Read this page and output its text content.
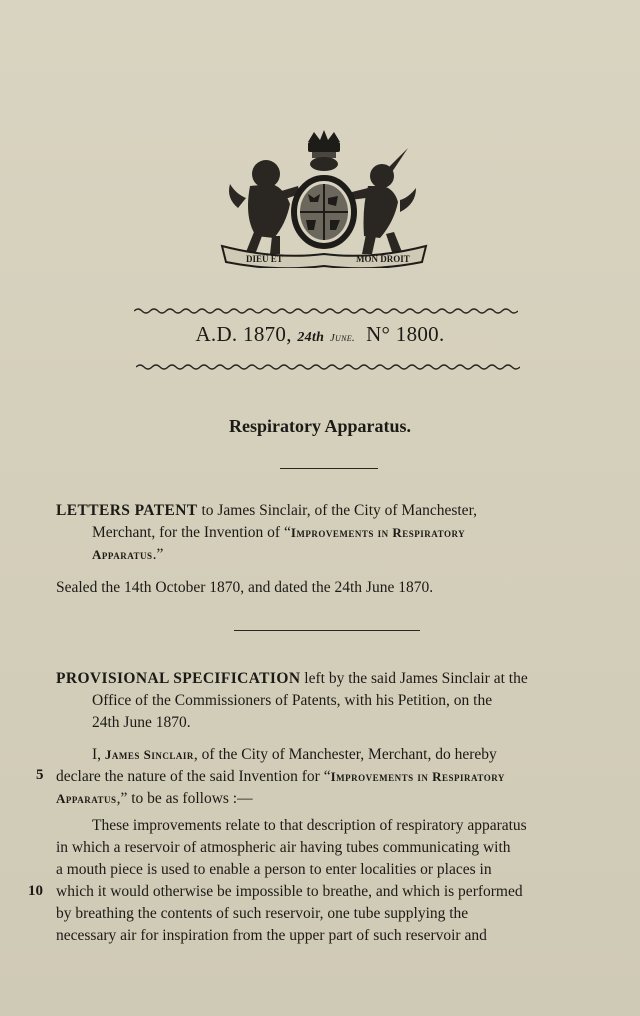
DIEU ET	MON DROIT
A.D. 1870, 24th June. N° 1800.
Respiratory Apparatus.
LETTERS PATENT to James Sinclair, of the City of Manchester,
Merchant, for the Invention of “Improvements in Respiratory
Apparatus.”
Sealed the 14th October 1870, and dated the 24th June 1870.
PROVISIONAL SPECIFICATION left by the said James Sinclair at the
Office of the Commissioners of Patents, with his Petition, on the
24th June 1870.
I, James Sinclair, of the City of Manchester, Merchant, do hereby
declare the nature of the said Invention for “Improvements in Respiratory
Apparatus,” to be as follows :—
These improvements relate to that description of respiratory apparatus
in which a reservoir of atmospheric air having tubes communicating with
a mouth piece is used to enable a person to enter localities or places in
which it would otherwise be impossible to breathe, and which is performed
by breathing the contents of such reservoir, one tube supplying the
necessary air for inspiration from the upper part of such reservoir and
5
10
